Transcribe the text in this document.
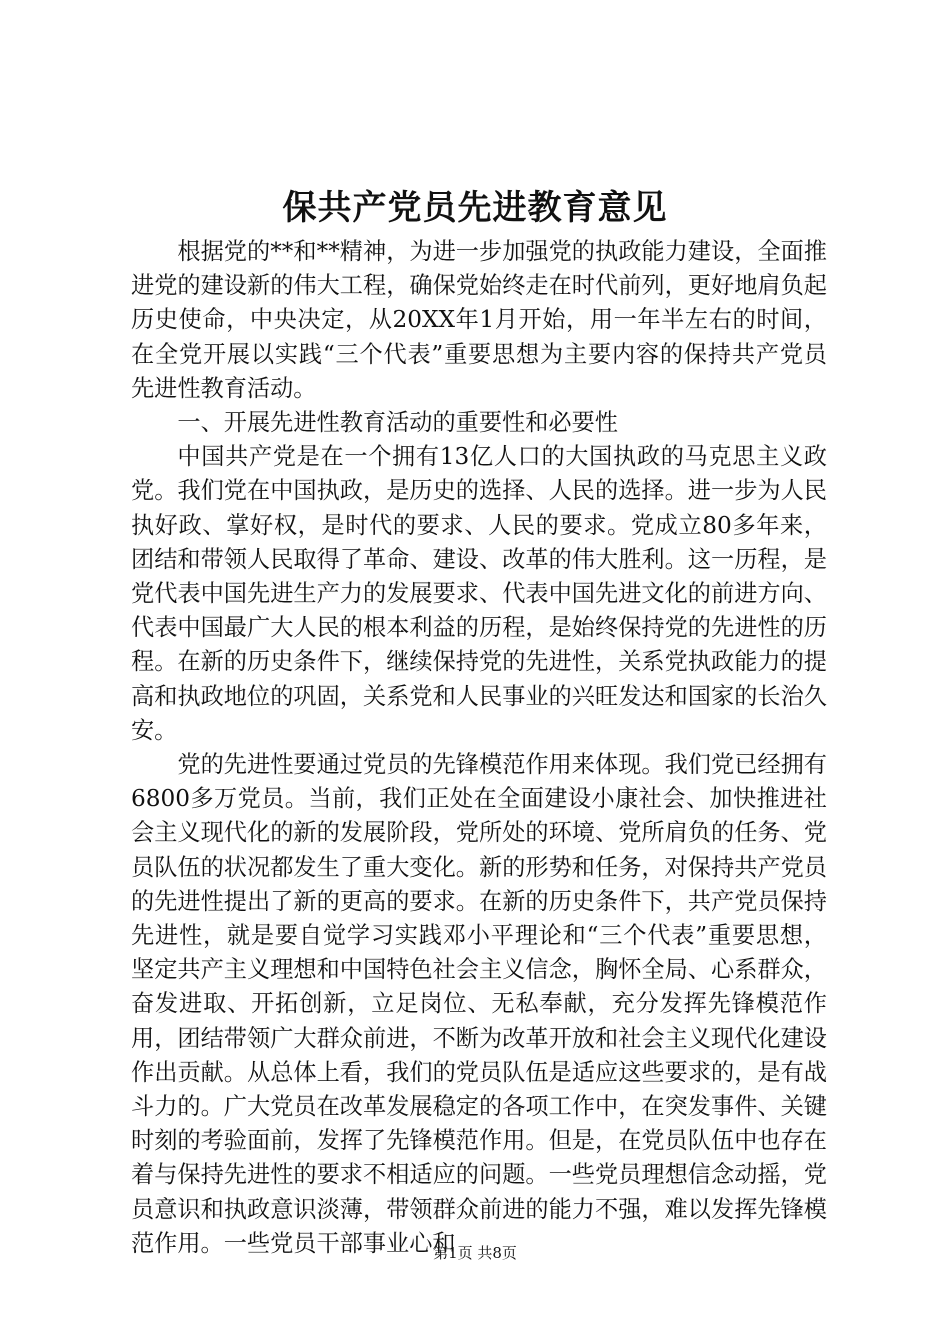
保共产党员先进教育意见

根据党的**和**精神，为进一步加强党的执政能力建设，全面推进党的建设新的伟大工程，确保党始终走在时代前列，更好地肩负起历史使命，中央决定，从20XX年1月开始，用一年半左右的时间，在全党开展以实践“三个代表”重要思想为主要内容的保持共产党员先进性教育活动。

一、开展先进性教育活动的重要性和必要性

中国共产党是在一个拥有13亿人口的大国执政的马克思主义政党。我们党在中国执政，是历史的选择、人民的选择。进一步为人民执好政、掌好权，是时代的要求、人民的要求。党成立80多年来，团结和带领人民取得了革命、建设、改革的伟大胜利。这一历程，是党代表中国先进生产力的发展要求、代表中国先进文化的前进方向、代表中国最广大人民的根本利益的历程，是始终保持党的先进性的历程。在新的历史条件下，继续保持党的先进性，关系党执政能力的提高和执政地位的巩固，关系党和人民事业的兴旺发达和国家的长治久安。

党的先进性要通过党员的先锋模范作用来体现。我们党已经拥有6800多万党员。当前，我们正处在全面建设小康社会、加快推进社会主义现代化的新的发展阶段，党所处的环境、党所肩负的任务、党员队伍的状况都发生了重大变化。新的形势和任务，对保持共产党员的先进性提出了新的更高的要求。在新的历史条件下，共产党员保持先进性，就是要自觉学习实践邓小平理论和“三个代表”重要思想，坚定共产主义理想和中国特色社会主义信念，胸怀全局、心系群众，奋发进取、开拓创新，立足岗位、无私奉献，充分发挥先锋模范作用，团结带领广大群众前进，不断为改革开放和社会主义现代化建设作出贡献。从总体上看，我们的党员队伍是适应这些要求的，是有战斗力的。广大党员在改革发展稳定的各项工作中，在突发事件、关键时刻的考验面前，发挥了先锋模范作用。但是，在党员队伍中也存在着与保持先进性的要求不相适应的问题。一些党员理想信念动摇，党员意识和执政意识淡薄，带领群众前进的能力不强，难以发挥先锋模范作用。一些党员干部事业心和

第1页 共8页
